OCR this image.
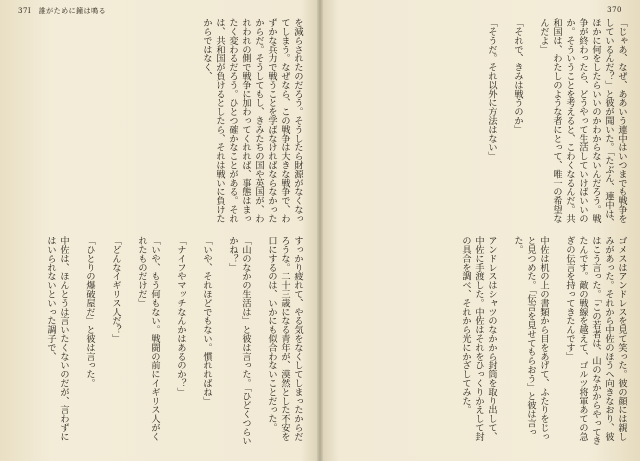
37Ⅰ　誰がために鐘は鳴る
を減らされたのだろう。そうしたら財源がなくなってしまう。なぜなら、この戦争は大きな戦争で、わずかな兵力で戦うことを学ばなければならなかったからだ。そうしてもし、きみたちの国や英国が、われわれの側で戦争に加わってくれれば、事態はまったく変わるだろう。ひとつ確かなことがある。それは、共和国が負けるとしたら、それは戦いに負けたからではなく、
すっかり疲れて、やる気をなくしてしまったからだろうな。二十三歳になる青年が、漠然とした不安を口にするのは、いかにも似合わないことだった。

「山のなかの生活は」と彼は言った。「ひどくつらいかね？」

「いや、それほどでもない。慣れればね」

「ナイフやマッチなんかはあるのか？」

「いや、もう何もない。戦闘の前にイギリス人がくれたものだけだ」

「どんなイギリス人だ？」

「ひとりの爆破屋だ」と彼は言った。

中佐は、ほんとうは言いたくないのだが、言わずにはいられないといった調子で、
370
「じゃあ、なぜ、ああいう連中はいつまでも戦争をしているんだ？」と彼が聞いた。「たぶん、連中は、ほかに何をしたらいいのかわからないんだろう。戦争が終わったら、どうやって生活していけばいいのか。そういうことを考えると、こわくなるんだ。共和国は、わたしのような者にとって、唯一の希望なんだよ」

「それで、きみは戦うのか」

「そうだ。それ以外に方法はない」
ゴメスはアンドレスを見て笑った。彼の顔には親しみがあった。それから中佐のほうへ向きなおり、彼はこう言った。「この若者は、山のなかからやってきたんです。敵の戦線を越えて、ゴルツ将軍あての急ぎの伝言を持ってきたんです」

中佐は机の上の書類から目をあげて、ふたりをじっと見つめた。「伝言を見せてもらおう」と彼は言った。

アンドレスはシャツのなかから封筒を取り出して、中佐に手渡した。中佐はそれをひっくりかえして封の具合を調べ、それから光にかざしてみた。
